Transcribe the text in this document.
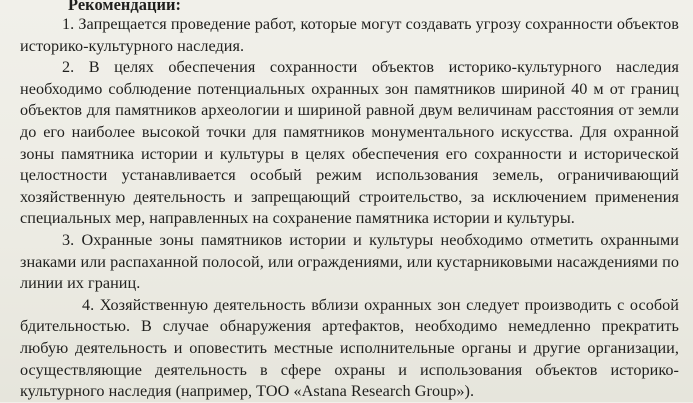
Рекомендации:

1. Запрещается проведение работ, которые могут создавать угрозу сохранности объектов историко-культурного наследия.

2. В целях обеспечения сохранности объектов историко-культурного наследия необходимо соблюдение потенциальных охранных зон памятников шириной 40 м от границ объектов для памятников археологии и шириной равной двум величинам расстояния от земли до его наиболее высокой точки для памятников монументального искусства. Для охранной зоны памятника истории и культуры в целях обеспечения его сохранности и исторической целостности устанавливается особый режим использования земель, ограничивающий хозяйственную деятельность и запрещающий строительство, за исключением применения специальных мер, направленных на сохранение памятника истории и культуры.

3. Охранные зоны памятников истории и культуры необходимо отметить охранными знаками или распаханной полосой, или ограждениями, или кустарниковыми насаждениями по линии их границ.

4. Хозяйственную деятельность вблизи охранных зон следует производить с особой бдительностью. В случае обнаружения артефактов, необходимо немедленно прекратить любую деятельность и оповестить местные исполнительные органы и другие организации, осуществляющие деятельность в сфере охраны и использования объектов историко-культурного наследия (например, ТОО «Astana Research Group»).
